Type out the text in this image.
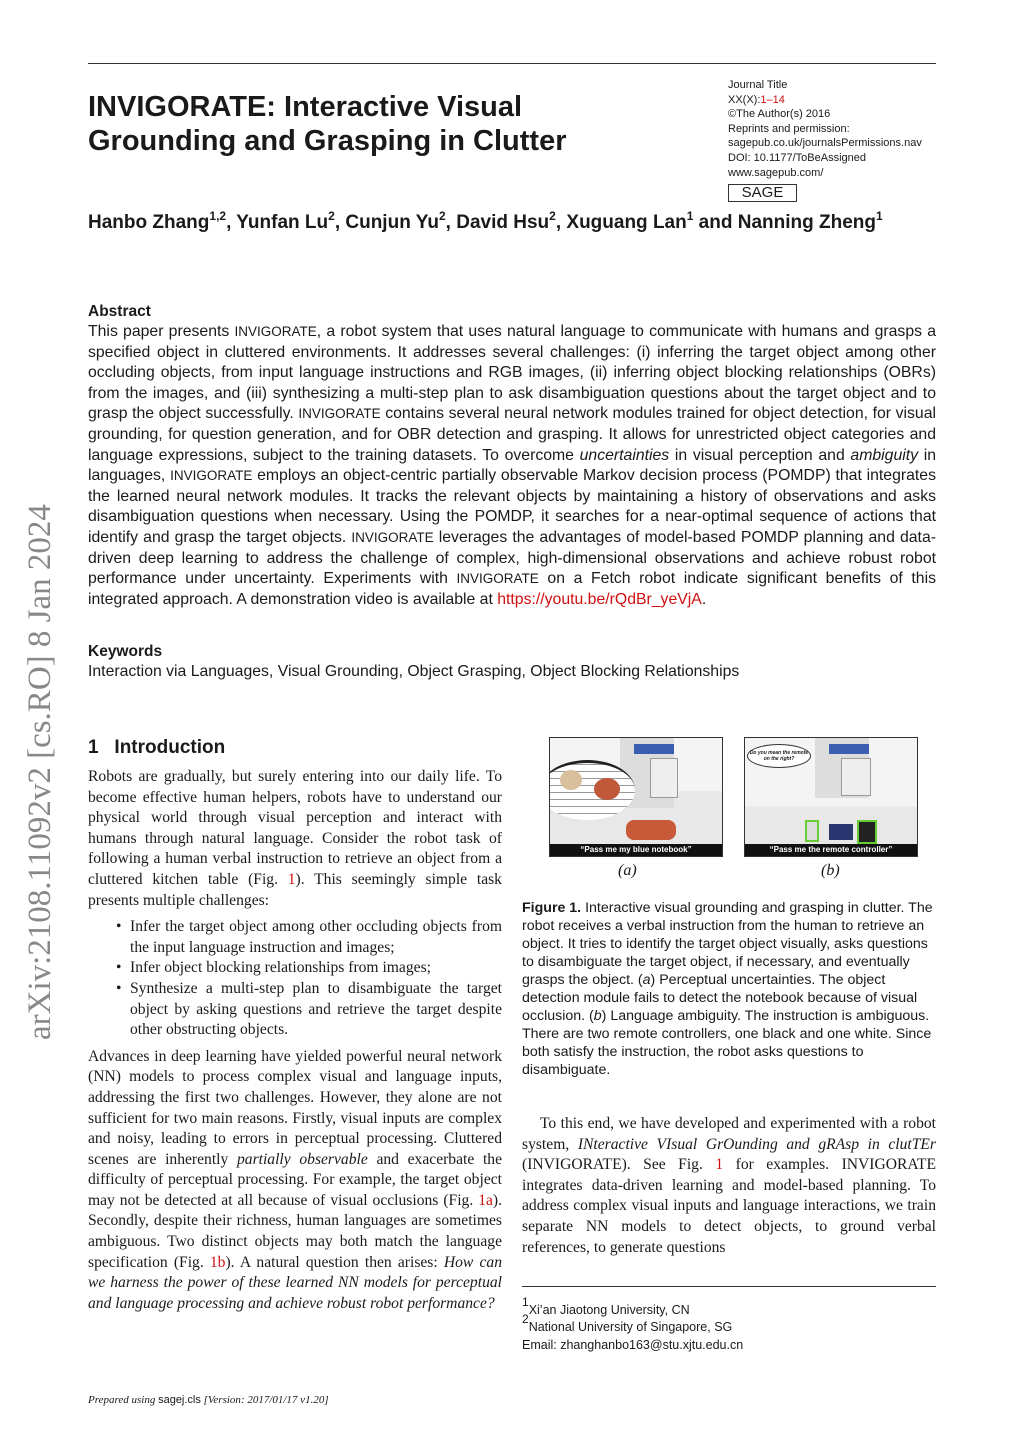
INVIGORATE: Interactive Visual Grounding and Grasping in Clutter
Journal Title
XX(X):1–14
©The Author(s) 2016
Reprints and permission:
sagepub.co.uk/journalsPermissions.nav
DOI: 10.1177/ToBeAssigned
www.sagepub.com/
SAGE
Hanbo Zhang$^{1,2}$, Yunfan Lu$^2$, Cunjun Yu$^2$, David Hsu$^2$, Xuguang Lan$^1$ and Nanning Zheng$^1$
arXiv:2108.11092v2 [cs.RO] 8 Jan 2024
Abstract

This paper presents INVIGORATE, a robot system that uses natural language to communicate with humans and grasps a specified object in cluttered environments. It addresses several challenges: (i) inferring the target object among other occluding objects, from input language instructions and RGB images, (ii) inferring object blocking relationships (OBRs) from the images, and (iii) synthesizing a multi-step plan to ask disambiguation questions about the target object and to grasp the object successfully. INVIGORATE contains several neural network modules trained for object detection, for visual grounding, for question generation, and for OBR detection and grasping. It allows for unrestricted object categories and language expressions, subject to the training datasets. To overcome uncertainties in visual perception and ambiguity in languages, INVIGORATE employs an object-centric partially observable Markov decision process (POMDP) that integrates the learned neural network modules. It tracks the relevant objects by maintaining a history of observations and asks disambiguation questions when necessary. Using the POMDP, it searches for a near-optimal sequence of actions that identify and grasp the target objects. INVIGORATE leverages the advantages of model-based POMDP planning and data-driven deep learning to address the challenge of complex, high-dimensional observations and achieve robust robot performance under uncertainty. Experiments with INVIGORATE on a Fetch robot indicate significant benefits of this integrated approach. A demonstration video is available at https://youtu.be/rQdBr_yeVjA.

Keywords
Interaction via Languages, Visual Grounding, Object Grasping, Object Blocking Relationships
1 Introduction

Robots are gradually, but surely entering into our daily life. To become effective human helpers, robots have to understand our physical world through visual perception and interact with humans through natural language. Consider the robot task of following a human verbal instruction to retrieve an object from a cluttered kitchen table (Fig. 1). This seemingly simple task presents multiple challenges:

• Infer the target object among other occluding objects from the input language instruction and images;
• Infer object blocking relationships from images;
• Synthesize a multi-step plan to disambiguate the target object by asking questions and retrieve the target despite other obstructing objects.

Advances in deep learning have yielded powerful neural network (NN) models to process complex visual and language inputs, addressing the first two challenges. However, they alone are not sufficient for two main reasons. Firstly, visual inputs are complex and noisy, leading to errors in perceptual processing. Cluttered scenes are inherently partially observable and exacerbate the difficulty of perceptual processing. For example, the target object may not be detected at all because of visual occlusions (Fig. 1a). Secondly, despite their richness, human languages are sometimes ambiguous. Two distinct objects may both match the language specification (Fig. 1b). A natural question then arises: How can we harness the power of these learned NN models for perceptual and language processing and achieve robust robot performance?

“Pass me my blue notebook”
Do you mean the remote on the right?
“Pass me the remote controller”
(a)	(b)
Figure 1. Interactive visual grounding and grasping in clutter. The robot receives a verbal instruction from the human to retrieve an object. It tries to identify the target object visually, asks questions to disambiguate the target object, if necessary, and eventually grasps the object. (a) Perceptual uncertainties. The object detection module fails to detect the notebook because of visual occlusion. (b) Language ambiguity. The instruction is ambiguous. There are two remote controllers, one black and one white. Since both satisfy the instruction, the robot asks questions to disambiguate.

To this end, we have developed and experimented with a robot system, INteractive VIsual GrOunding and gRAsp in clutTEr (INVIGORATE). See Fig. 1 for examples. INVIGORATE integrates data-driven learning and model-based planning. To address complex visual inputs and language interactions, we train separate NN models to detect objects, to ground verbal references, to generate questions

$^1$Xi’an Jiaotong University, CN
$^2$National University of Singapore, SG
Email: zhanghanbo163@stu.xjtu.edu.cn
Prepared using sagej.cls [Version: 2017/01/17 v1.20]
